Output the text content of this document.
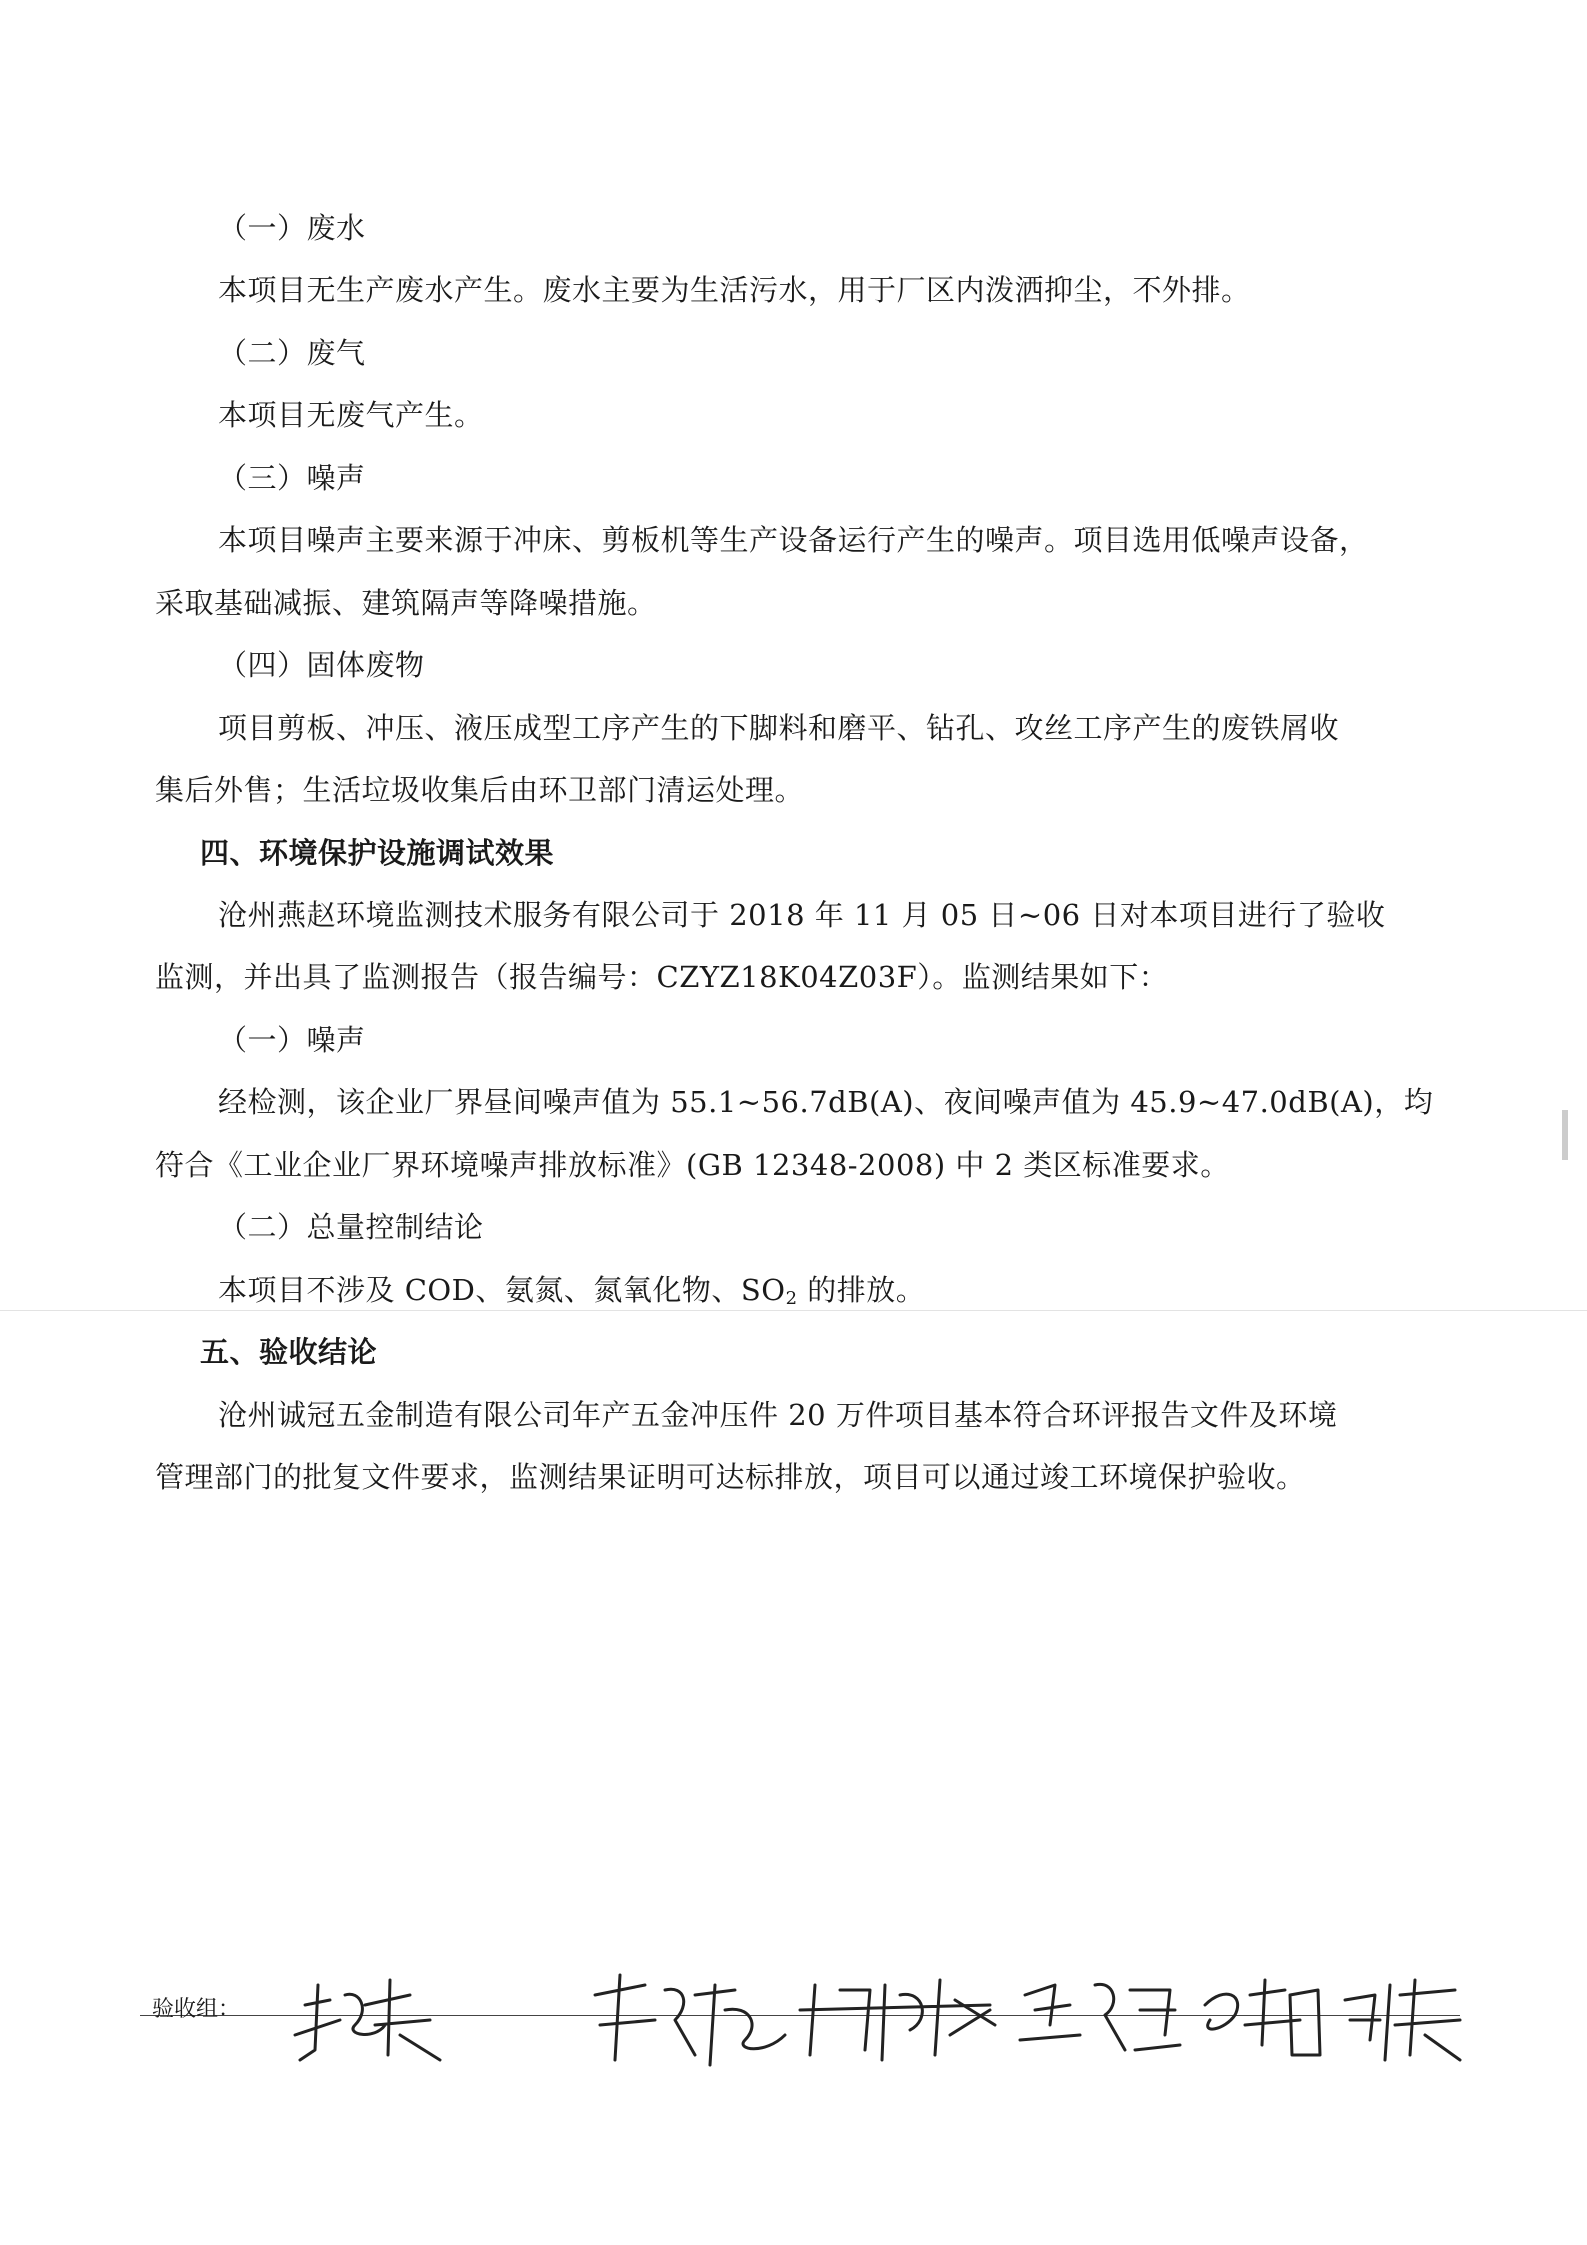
（一）废水
本项目无生产废水产生。废水主要为生活污水，用于厂区内泼洒抑尘，不外排。
（二）废气
本项目无废气产生。
（三）噪声
本项目噪声主要来源于冲床、剪板机等生产设备运行产生的噪声。项目选用低噪声设备，
采取基础减振、建筑隔声等降噪措施。
（四）固体废物
项目剪板、冲压、液压成型工序产生的下脚料和磨平、钻孔、攻丝工序产生的废铁屑收
集后外售；生活垃圾收集后由环卫部门清运处理。
四、环境保护设施调试效果
沧州燕赵环境监测技术服务有限公司于 2018 年 11 月 05 日~06 日对本项目进行了验收
监测，并出具了监测报告（报告编号：CZYZ18K04Z03F）。监测结果如下：
（一）噪声
经检测，该企业厂界昼间噪声值为 55.1~56.7dB(A)、夜间噪声值为 45.9~47.0dB(A)，均
符合《工业企业厂界环境噪声排放标准》(GB 12348-2008) 中 2 类区标准要求。
（二）总量控制结论
本项目不涉及 COD、氨氮、氮氧化物、$SO_2$ 的排放。
五、验收结论
沧州诚冠五金制造有限公司年产五金冲压件 20 万件项目基本符合环评报告文件及环境
管理部门的批复文件要求，监测结果证明可达标排放，项目可以通过竣工环境保护验收。
验收组：
